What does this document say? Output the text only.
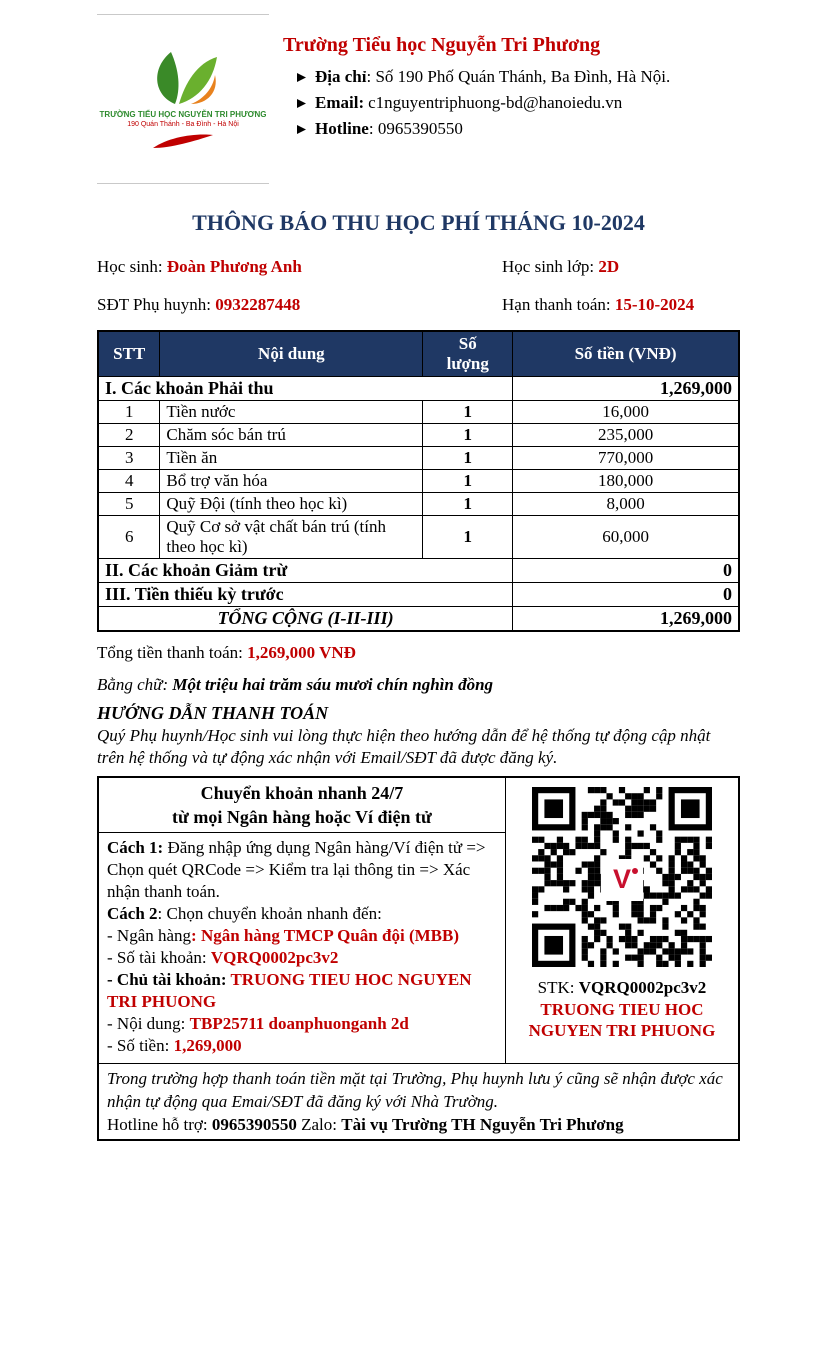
TRƯỜNG TIỂU HỌC NGUYỄN TRI PHƯƠNG
190 Quán Thánh - Ba Đình - Hà Nội
Trường Tiểu học Nguyễn Tri Phương
Địa chỉ: Số 190 Phố Quán Thánh, Ba Đình, Hà Nội.
Email: c1nguyentriphuong-bd@hanoiedu.vn
Hotline: 0965390550
THÔNG BÁO THU HỌC PHÍ THÁNG 10-2024
Học sinh: Đoàn Phương Anh	Học sinh lớp: 2D
SĐT Phụ huynh: 0932287448	Hạn thanh toán: 15-10-2024
STT	Nội dung	Số lượng	Số tiền (VNĐ)
I. Các khoản Phải thu			1,269,000
1	Tiền nước	1	16,000
2	Chăm sóc bán trú	1	235,000
3	Tiền ăn	1	770,000
4	Bổ trợ văn hóa	1	180,000
5	Quỹ Đội (tính theo học kì)	1	8,000
6	Quỹ Cơ sở vật chất bán trú (tính theo học kì)	1	60,000
II. Các khoản Giảm trừ			0
III. Tiền thiếu kỳ trước			0
TỔNG CỘNG (I-II-III)			1,269,000
Tổng tiền thanh toán: 1,269,000 VNĐ
Bằng chữ: Một triệu hai trăm sáu mươi chín nghìn đồng
HƯỚNG DẪN THANH TOÁN
Quý Phụ huynh/Học sinh vui lòng thực hiện theo hướng dẫn để hệ thống tự động cập nhật trên hệ thống và tự động xác nhận với Email/SĐT đã được đăng ký.
Chuyển khoản nhanh 24/7
từ mọi Ngân hàng hoặc Ví điện tử

V
STK: VQRQ0002pc3v2
TRUONG TIEU HOC NGUYEN TRI PHUONG

Cách 1: Đăng nhập ứng dụng Ngân hàng/Ví điện tử => Chọn quét QRCode => Kiểm tra lại thông tin => Xác nhận thanh toán.
Cách 2: Chọn chuyển khoản nhanh đến:
- Ngân hàng: Ngân hàng TMCP Quân đội (MBB)
- Số tài khoản: VQRQ0002pc3v2
- Chủ tài khoản: TRUONG TIEU HOC NGUYEN TRI PHUONG
- Nội dung: TBP25711 doanphuonganh 2d
- Số tiền: 1,269,000
Trong trường hợp thanh toán tiền mặt tại Trường, Phụ huynh lưu ý cũng sẽ nhận được xác nhận tự động qua Emai/SĐT đã đăng ký với Nhà Trường.
Hotline hỗ trợ: 0965390550 Zalo: Tài vụ Trường TH Nguyễn Tri Phương
